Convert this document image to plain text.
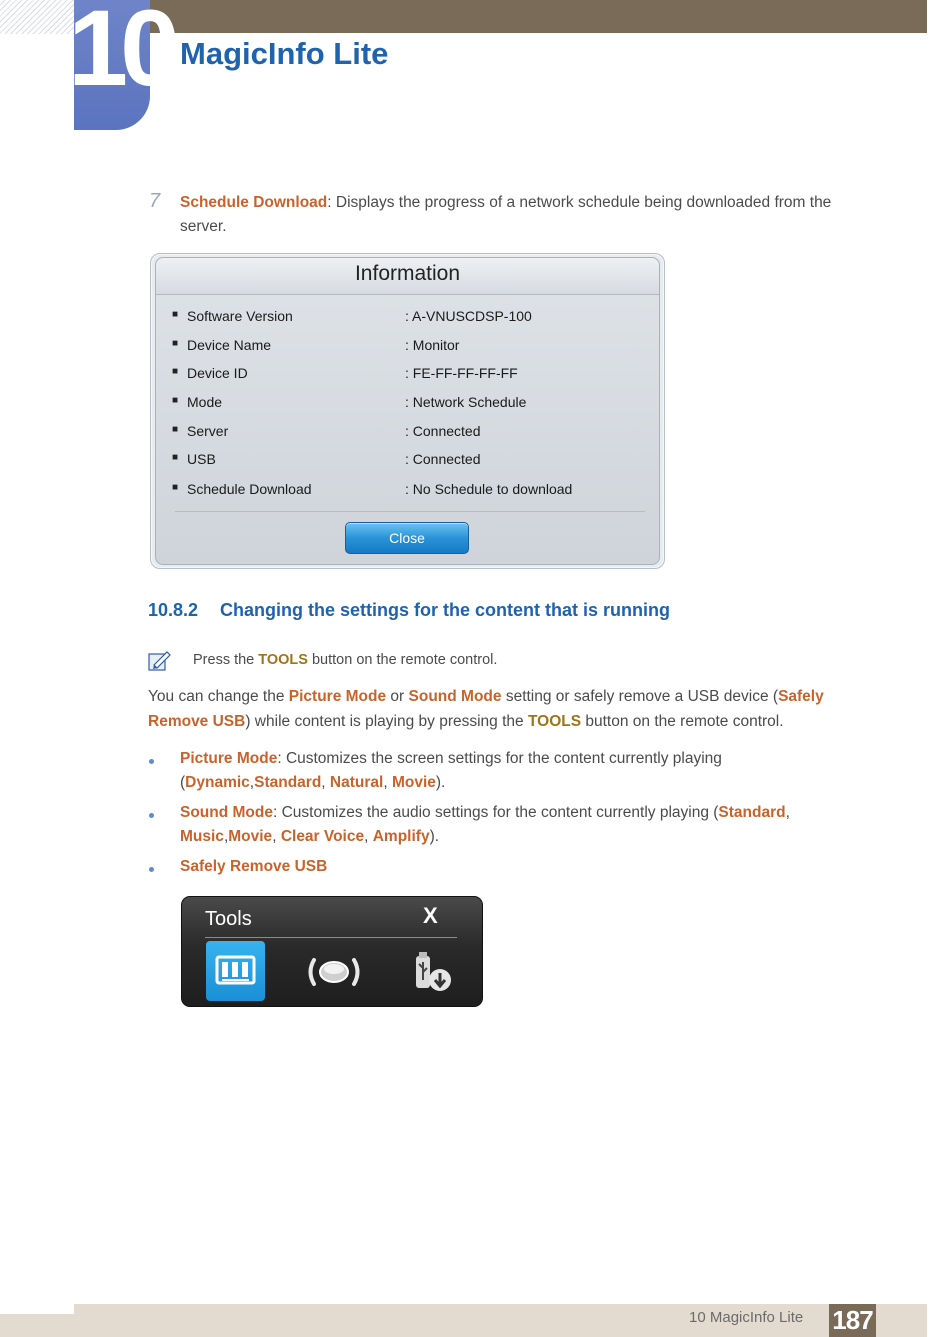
10 MagicInfo Lite
7 Schedule Download: Displays the progress of a network schedule being downloaded from the
server.
Information
■ Software Version	: A-VNUSCDSP-100
■ Device Name	: Monitor
■ Device ID	: FE-FF-FF-FF-FF
■ Mode	: Network Schedule
■ Server	: Connected
■ USB	: Connected
■ Schedule Download	: No Schedule to download
Close
10.8.2 Changing the settings for the content that is running
Press the TOOLS button on the remote control.
You can change the Picture Mode or Sound Mode setting or safely remove a USB device (Safely
Remove USB) while content is playing by pressing the TOOLS button on the remote control.
Picture Mode: Customizes the screen settings for the content currently playing
(Dynamic,Standard, Natural, Movie).
Sound Mode: Customizes the audio settings for the content currently playing (Standard,
Music,Movie, Clear Voice, Amplify).
Safely Remove USB
Tools	X
10 MagicInfo Lite 187
